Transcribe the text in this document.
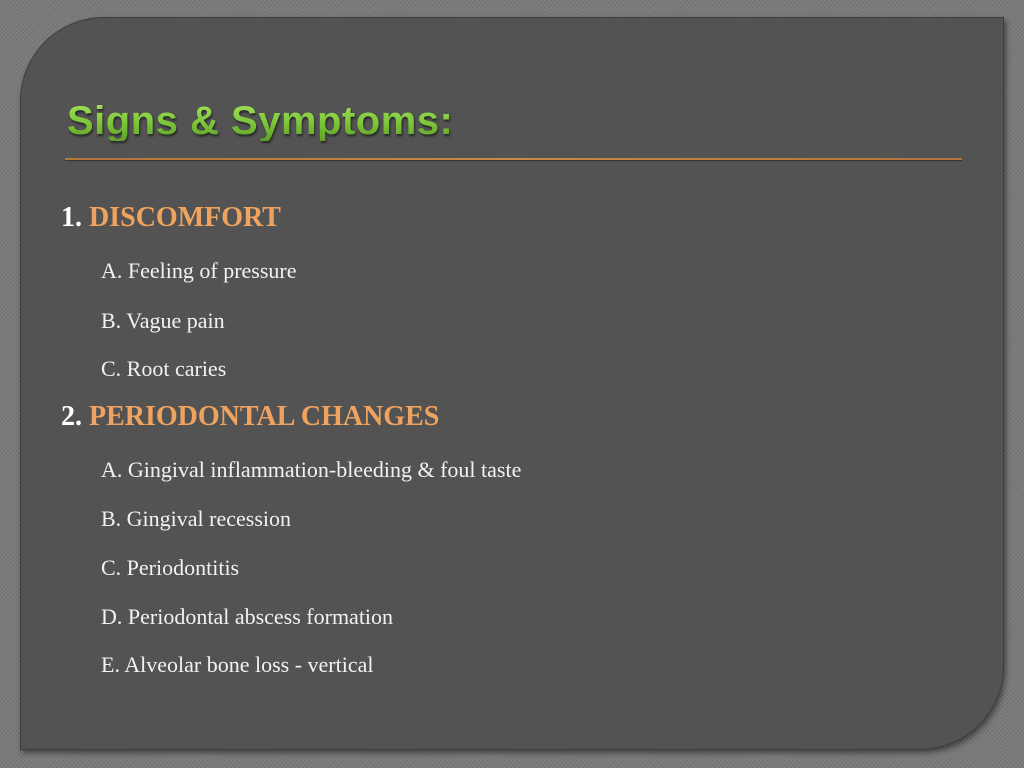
Signs & Symptoms:

1. DISCOMFORT

A. Feeling of pressure

B. Vague pain

C. Root caries

2. PERIODONTAL CHANGES

A. Gingival inflammation-bleeding & foul taste

B. Gingival recession

C. Periodontitis

D. Periodontal abscess formation

E. Alveolar bone loss - vertical
